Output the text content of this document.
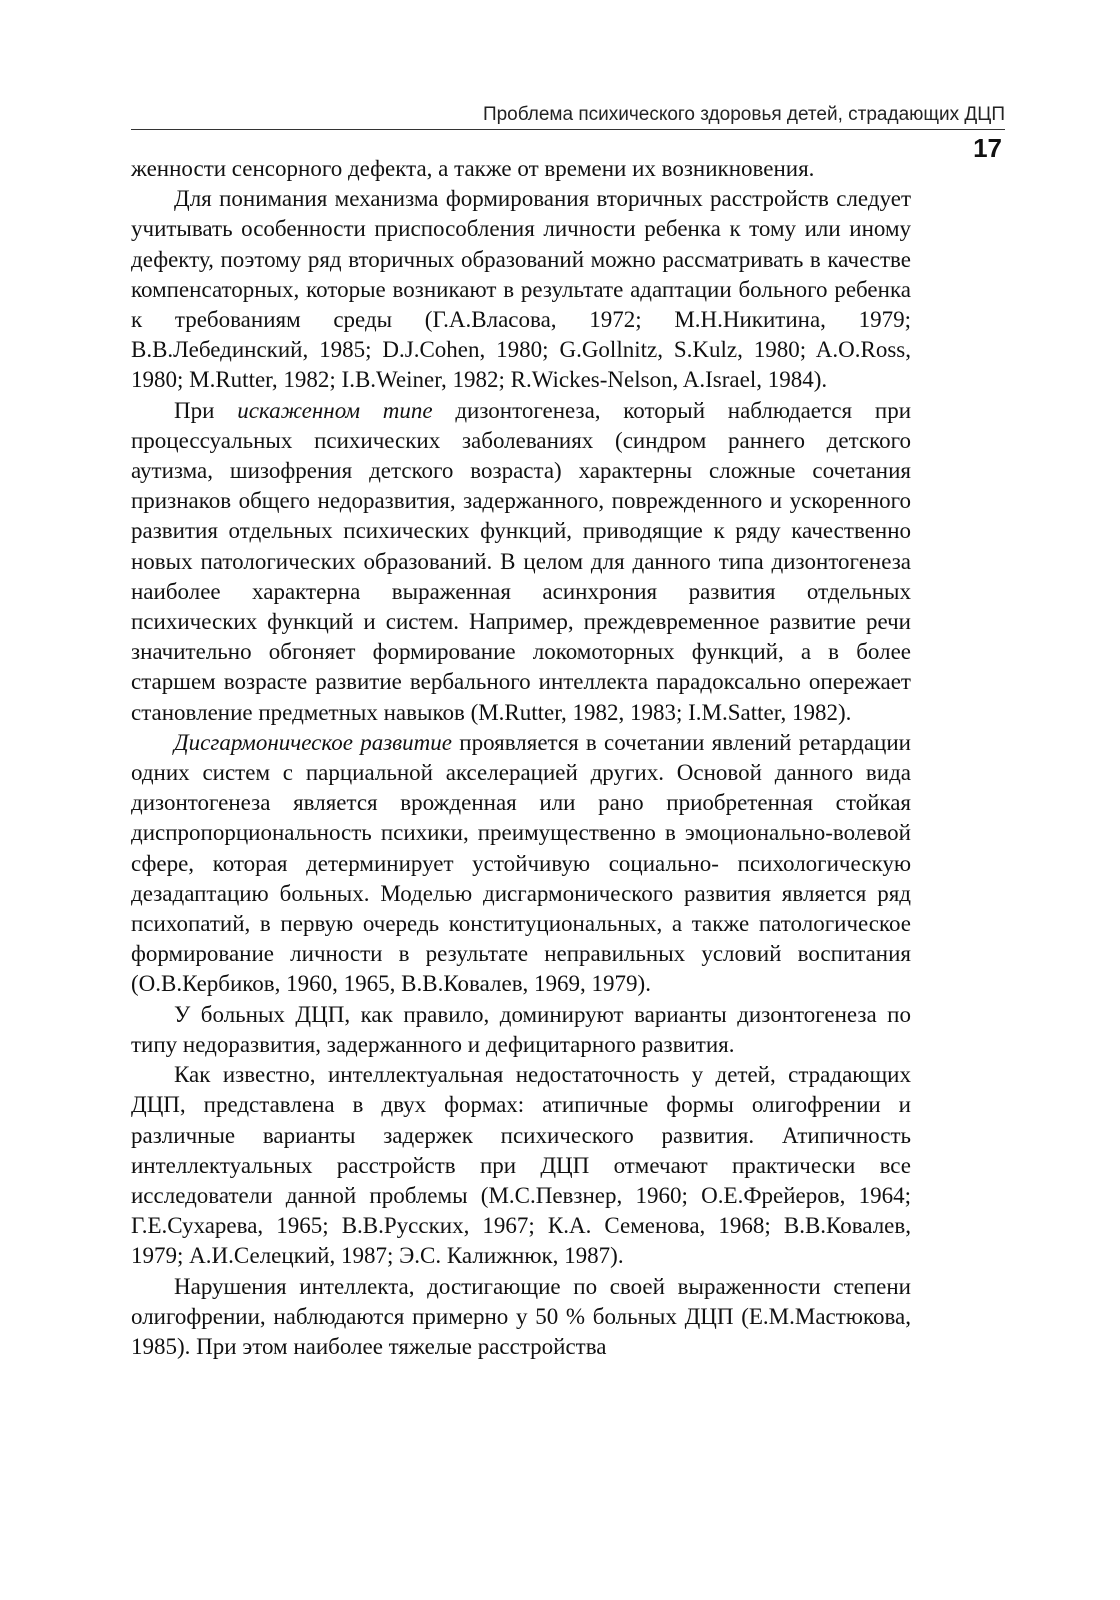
Проблема психического здоровья детей, страдающих ДЦП
17

женности сенсорного дефекта, а также от времени их возникновения.

Для понимания механизма формирования вторичных расстройств следует учитывать особенности приспособления личности ребенка к тому или иному дефекту, поэтому ряд вторичных образований можно рассматривать в качестве компенсаторных, которые возникают в результате адаптации больного ребенка к требованиям среды (Г.А.Власова, 1972; М.Н.Никитина, 1979; В.В.Лебединский, 1985; D.J.Cohen, 1980; G.Gollnitz, S.Kulz, 1980; A.O.Ross, 1980; M.Rutter, 1982; I.B.Weiner, 1982; R.Wickes-Nelson, A.Israel, 1984).

При искаженном типе дизонтогенеза, который наблюдается при процессуальных психических заболеваниях (синдром раннего детского аутизма, шизофрения детского возраста) характерны сложные сочетания признаков общего недоразвития, задержанного, поврежденного и ускоренного развития отдельных психических функций, приводящие к ряду качественно новых патологических образований. В целом для данного типа дизонтогенеза наиболее характерна выраженная асинхрония развития отдельных психических функций и систем. Например, преждевременное развитие речи значительно обгоняет формирование локомоторных функций, а в более старшем возрасте развитие вербального интеллекта парадоксально опережает становление предметных навыков (M.Rutter, 1982, 1983; I.M.Satter, 1982).

Дисгармоническое развитие проявляется в сочетании явлений ретардации одних систем с парциальной акселерацией других. Основой данного вида дизонтогенеза является врожденная или рано приобретенная стойкая диспропорциональность психики, преимущественно в эмоционально-волевой сфере, которая детерминирует устойчивую социально- психологическую дезадаптацию больных. Моделью дисгармонического развития является ряд психопатий, в первую очередь конституциональных, а также патологическое формирование личности в результате неправильных условий воспитания (О.В.Кербиков, 1960, 1965, В.В.Ковалев, 1969, 1979).

У больных ДЦП, как правило, доминируют варианты дизонтогенеза по типу недоразвития, задержанного и дефицитарного развития.

Как известно, интеллектуальная недостаточность у детей, страдающих ДЦП, представлена в двух формах: атипичные формы олигофрении и различные варианты задержек психического развития. Атипичность интеллектуальных расстройств при ДЦП отмечают практически все исследователи данной проблемы (М.С.Певзнер, 1960; О.Е.Фрейеров, 1964; Г.Е.Сухарева, 1965; В.В.Русских, 1967; К.А. Семенова, 1968; В.В.Ковалев, 1979; А.И.Селецкий, 1987; Э.С. Калижнюк, 1987).

Нарушения интеллекта, достигающие по своей выраженности степени олигофрении, наблюдаются примерно у 50 % больных ДЦП (Е.М.Мастюкова, 1985). При этом наиболее тяжелые расстройства
